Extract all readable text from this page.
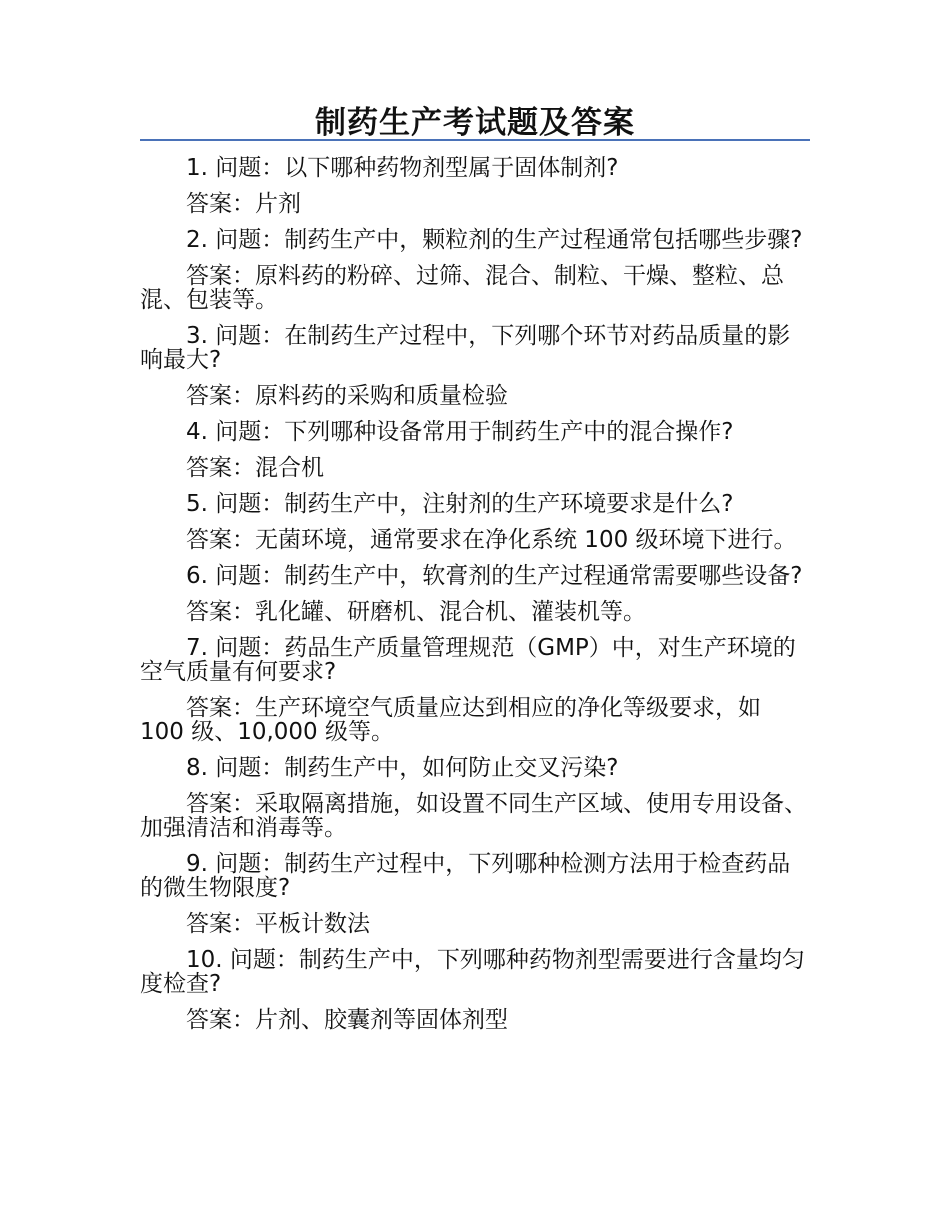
制药生产考试题及答案

1. 问题：以下哪种药物剂型属于固体制剂?

答案：片剂

2. 问题：制药生产中，颗粒剂的生产过程通常包括哪些步骤?

答案：原料药的粉碎、过筛、混合、制粒、干燥、整粒、总混、包装等。

3. 问题：在制药生产过程中，下列哪个环节对药品质量的影响最大?

答案：原料药的采购和质量检验

4. 问题：下列哪种设备常用于制药生产中的混合操作?

答案：混合机

5. 问题：制药生产中，注射剂的生产环境要求是什么?

答案：无菌环境，通常要求在净化系统 100 级环境下进行。

6. 问题：制药生产中，软膏剂的生产过程通常需要哪些设备?

答案：乳化罐、研磨机、混合机、灌装机等。

7. 问题：药品生产质量管理规范（GMP）中，对生产环境的空气质量有何要求?

答案：生产环境空气质量应达到相应的净化等级要求，如 100 级、10,000 级等。

8. 问题：制药生产中，如何防止交叉污染?

答案：采取隔离措施，如设置不同生产区域、使用专用设备、加强清洁和消毒等。

9. 问题：制药生产过程中，下列哪种检测方法用于检查药品的微生物限度?

答案：平板计数法

10. 问题：制药生产中，下列哪种药物剂型需要进行含量均匀度检查?

答案：片剂、胶囊剂等固体剂型
